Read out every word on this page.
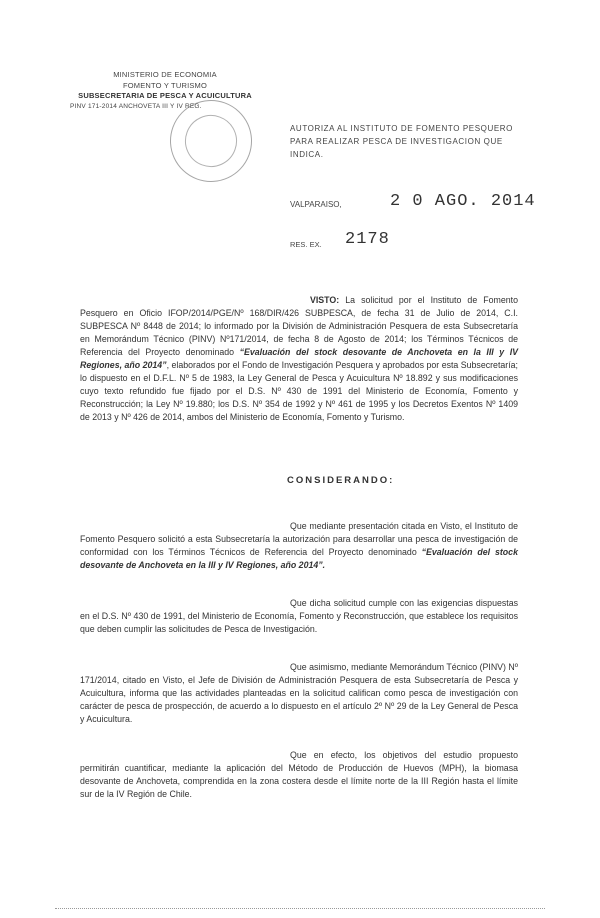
MINISTERIO DE ECONOMIA
FOMENTO Y TURISMO
SUBSECRETARIA DE PESCA Y ACUICULTURA
PINV 171-2014 ANCHOVETA III Y IV REG.
AUTORIZA AL INSTITUTO DE FOMENTO PESQUERO PARA REALIZAR PESCA DE INVESTIGACION QUE INDICA.
VALPARAISO,	2 0 AGO. 2014
RES. EX. 2178
VISTO: La solicitud por el Instituto de Fomento Pesquero en Oficio IFOP/2014/PGE/Nº 168/DIR/426 SUBPESCA, de fecha 31 de Julio de 2014, C.I. SUBPESCA Nº 8448 de 2014; lo informado por la División de Administración Pesquera de esta Subsecretaría en Memorándum Técnico (PINV) Nº171/2014, de fecha 8 de Agosto de 2014; los Términos Técnicos de Referencia del Proyecto denominado “Evaluación del stock desovante de Anchoveta en la III y IV Regiones, año 2014”, elaborados por el Fondo de Investigación Pesquera y aprobados por esta Subsecretaría; lo dispuesto en el D.F.L. Nº 5 de 1983, la Ley General de Pesca y Acuicultura Nº 18.892 y sus modificaciones cuyo texto refundido fue fijado por el D.S. Nº 430 de 1991 del Ministerio de Economía, Fomento y Reconstrucción; la Ley Nº 19.880; los D.S. Nº 354 de 1992 y Nº 461 de 1995 y los Decretos Exentos Nº 1409 de 2013 y Nº 426 de 2014, ambos del Ministerio de Economía, Fomento y Turismo.
CONSIDERANDO:
Que mediante presentación citada en Visto, el Instituto de Fomento Pesquero solicitó a esta Subsecretaría la autorización para desarrollar una pesca de investigación de conformidad con los Términos Técnicos de Referencia del Proyecto denominado “Evaluación del stock desovante de Anchoveta en la III y IV Regiones, año 2014”.
Que dicha solicitud cumple con las exigencias dispuestas en el D.S. Nº 430 de 1991, del Ministerio de Economía, Fomento y Reconstrucción, que establece los requisitos que deben cumplir las solicitudes de Pesca de Investigación.
Que asimismo, mediante Memorándum Técnico (PINV) Nº 171/2014, citado en Visto, el Jefe de División de Administración Pesquera de esta Subsecretaría de Pesca y Acuicultura, informa que las actividades planteadas en la solicitud califican como pesca de investigación con carácter de pesca de prospección, de acuerdo a lo dispuesto en el artículo 2º Nº 29 de la Ley General de Pesca y Acuicultura.
Que en efecto, los objetivos del estudio propuesto permitirán cuantificar, mediante la aplicación del Método de Producción de Huevos (MPH), la biomasa desovante de Anchoveta, comprendida en la zona costera desde el límite norte de la III Región hasta el límite sur de la IV Región de Chile.
